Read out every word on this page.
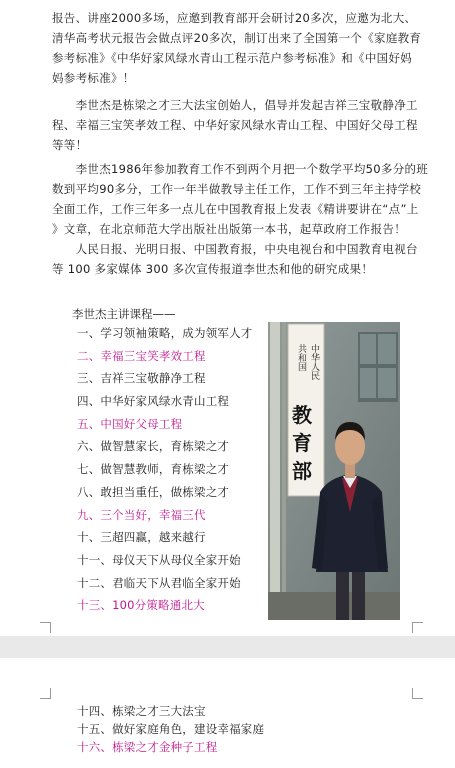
报告、讲座2000多场，应邀到教育部开会研讨20多次，应邀为北大、
清华高考状元报告会做点评20多次，制订出来了全国第一个《家庭教育
参考标准》《中华好家风绿水青山工程示范户参考标准》和《中国好妈
妈参考标准》！
　　李世杰是栋梁之才三大法宝创始人，倡导并发起吉祥三宝敬静净工
程、幸福三宝笑孝效工程、中华好家风绿水青山工程、中国好父母工程
等等！
　　李世杰1986年参加教育工作不到两个月把一个数学平均50多分的班
数到平均90多分，工作一年半做教导主任工作，工作不到三年主持学校
全面工作，工作三年多一点儿在中国教育报上发表《精讲要讲在“点”上
》文章，在北京师范大学出版社出版第一本书，起草政府工作报告！
　　人民日报、光明日报、中国教育报，中央电视台和中国教育电视台
等 100 多家媒体 300 多次宣传报道李世杰和他的研究成果！
李世杰主讲课程——
一、学习领袖策略，成为领军人才
二、幸福三宝笑孝效工程
三、吉祥三宝敬静净工程
四、中华好家风绿水青山工程
五、中国好父母工程
六、做智慧家长，育栋梁之才
七、做智慧教师，育栋梁之才
八、敢担当重任，做栋梁之才
九、三个当好，幸福三代
十、三超四赢，越来越行
十一、母仪天下从母仪全家开始
十二、君临天下从君临全家开始
十三、100分策略通北大
中华人民
共和国
教
育
部
十四、栋梁之才三大法宝
十五、做好家庭角色，建设幸福家庭
十六、栋梁之才金种子工程
